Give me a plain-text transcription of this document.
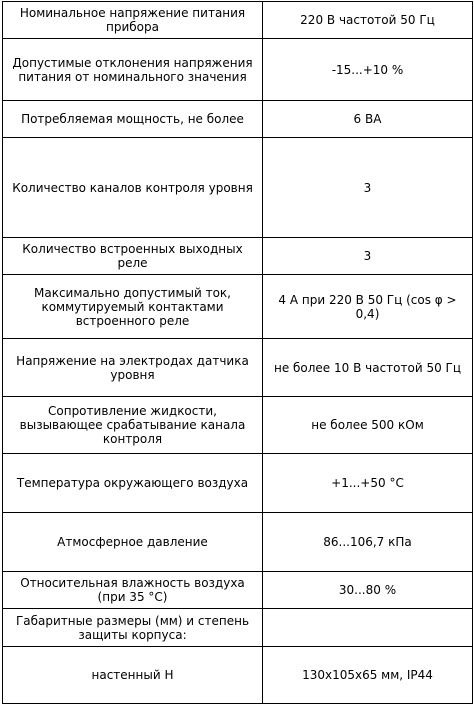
Номинальное напряжение питания прибора	220 В частотой 50 Гц
Допустимые отклонения напряжения питания от номинального значения	-15...+10 %
Потребляемая мощность, не более	6 ВА
Количество каналов контроля уровня	3
Количество встроенных выходных реле	3
Максимально допустимый ток, коммутируемый контактами встроенного реле	4 А при 220 В 50 Гц (cos φ > 0,4)
Напряжение на электродах датчика уровня	не более 10 В частотой 50 Гц
Сопротивление жидкости, вызывающее срабатывание канала контроля	не более 500 кОм
Температура окружающего воздуха	+1...+50 °С
Атмосферное давление	86...106,7 кПа
Относительная влажность воздуха (при 35 °С)	30...80 %
Габаритные размеры (мм) и степень защиты корпуса:	
настенный Н	130х105х65 мм, IP44
